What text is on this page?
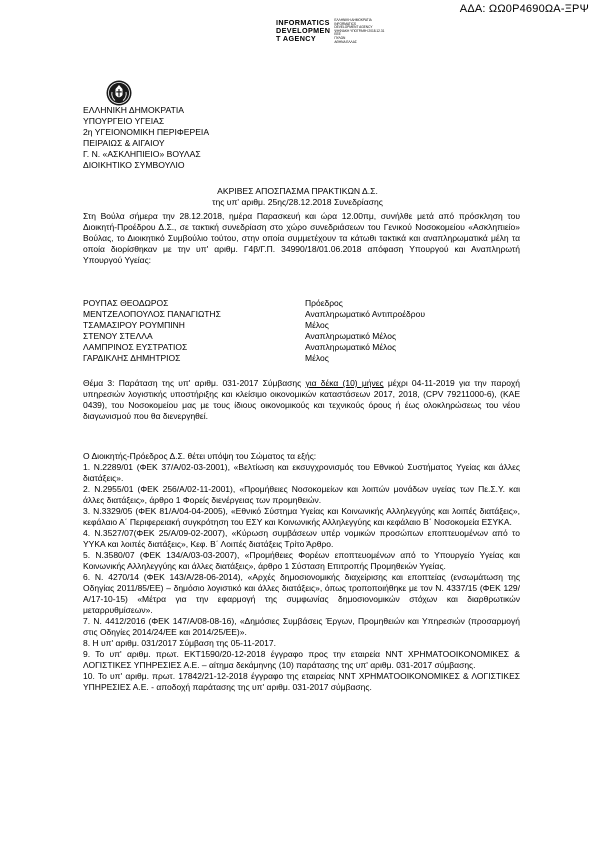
ΑΔΑ: ΩΩ0Ρ4690ΩΑ-ΞΡΨ
INFORMATICS
DEVELOPMEN
T AGENCY
ΕΛΛΗΝΙΚΗ ΔΗΜΟΚΡΑΤΙΑ
INFORMATICS
DEVELOPMENT AGENCY
ΨΗΦΙΑΚΗ ΥΠΟΓΡΑΦΗ 2018.12.31
ΕΕΕ
ΠΥΛΩΝ
ΑΘΗΝΑ ΕΛΛΑΣ
ΕΛΛΗΝΙΚΗ ΔΗΜΟΚΡΑΤΙΑ
ΥΠΟΥΡΓΕΙΟ ΥΓΕΙΑΣ
2η ΥΓΕΙΟΝΟΜΙΚΗ ΠΕΡΙΦΕΡΕΙΑ
ΠΕΙΡΑΙΩΣ & ΑΙΓΑΙΟΥ
Γ. Ν. «ΑΣΚΛΗΠΙΕΙΟ» ΒΟΥΛΑΣ
ΔΙΟΙΚΗΤΙΚΟ ΣΥΜΒΟΥΛΙΟ
ΑΚΡΙΒΕΣ ΑΠΟΣΠΑΣΜΑ ΠΡΑΚΤΙΚΩΝ Δ.Σ.
της υπ' αριθμ. 25ης/28.12.2018 Συνεδρίασης

Στη Βούλα σήμερα την 28.12.2018, ημέρα Παρασκευή και ώρα 12.00πμ, συνήλθε μετά από πρόσκληση του Διοικητή-Προέδρου Δ.Σ., σε τακτική συνεδρίαση στο χώρο συνεδριάσεων του Γενικού Νοσοκομείου «Ασκληπιείο» Βούλας, το Διοικητικό Συμβούλιο τούτου, στην οποία συμμετέχουν τα κάτωθι τακτικά και αναπληρωματικά μέλη τα οποία διορίσθηκαν με την υπ' αριθμ. Γ4β/Γ.Π. 34990/18/01.06.2018 απόφαση Υπουργού και Αναπληρωτή Υπουργού Υγείας:

ΡΟΥΠΑΣ ΘΕΟΔΩΡΟΣ	Πρόεδρος
ΜΕΝΤΖΕΛΟΠΟΥΛΟΣ ΠΑΝΑΓΙΩΤΗΣ	Αναπληρωματικό Αντιπροέδρου
ΤΣΑΜΑΣΙΡΟΥ ΡΟΥΜΠΙΝΗ	Μέλος
ΣΤΕΝΟΥ ΣΤΕΛΛΑ	Αναπληρωματικό Μέλος
ΛΑΜΠΡΙΝΟΣ ΕΥΣΤΡΑΤΙΟΣ	Αναπληρωματικό Μέλος
ΓΑΡΔΙΚΛΗΣ ΔΗΜΗΤΡΙΟΣ	Μέλος

Θέμα 3: Παράταση της υπ' αριθμ. 031-2017 Σύμβασης για δέκα (10) μήνες μέχρι 04-11-2019 για την παροχή υπηρεσιών λογιστικής υποστήριξης και κλείσιμο οικονομικών καταστάσεων 2017, 2018, (CPV 79211000-6), (ΚΑΕ 0439), του Νοσοκομείου μας με τους ίδιους οικονομικούς και τεχνικούς όρους ή έως ολοκληρώσεως του νέου διαγωνισμού που θα διενεργηθεί.

Ο Διοικητής-Πρόεδρος Δ.Σ. θέτει υπόψη του Σώματος τα εξής:

1. Ν.2289/01 (ΦΕΚ 37/Α/02-03-2001), «Βελτίωση και εκσυγχρονισμός του Εθνικού Συστήματος Υγείας και άλλες διατάξεις».

2. Ν.2955/01 (ΦΕΚ 256/Α/02-11-2001), «Προμήθειες Νοσοκομείων και λοιπών μονάδων υγείας των Πε.Σ.Υ. και άλλες διατάξεις», άρθρο 1 Φορείς διενέργειας των προμηθειών.

3. Ν.3329/05 (ΦΕΚ 81/Α/04-04-2005), «Εθνικό Σύστημα Υγείας και Κοινωνικής Αλληλεγγύης και λοιπές διατάξεις», κεφάλαιο Α΄ Περιφερειακή συγκρότηση του ΕΣΥ και Κοινωνικής Αλληλεγγύης και κεφάλαιο Β΄ Νοσοκομεία ΕΣΥΚΑ.

4. Ν.3527/07(ΦΕΚ 25/Α/09-02-2007), «Κύρωση συμβάσεων υπέρ νομικών προσώπων εποπτευομένων από το ΥΥΚΑ και λοιπές διατάξεις», Κεφ. Β΄ Λοιπές διατάξεις Τρίτο Άρθρο.

5. Ν.3580/07 (ΦΕΚ 134/Α/03-03-2007), «Προμήθειες Φορέων εποπτευομένων από το Υπουργείο Υγείας και Κοινωνικής Αλληλεγγύης και άλλες διατάξεις», άρθρο 1 Σύσταση Επιτροπής Προμηθειών Υγείας.

6. Ν. 4270/14 (ΦΕΚ 143/Α/28-06-2014), «Αρχές δημοσιονομικής διαχείρισης και εποπτείας (ενσωμάτωση της Οδηγίας 2011/85/ΕΕ) – δημόσιο λογιστικό και άλλες διατάξεις», όπως τροποποιήθηκε με τον Ν. 4337/15 (ΦΕΚ 129/Α/17-10-15) «Μέτρα για την εφαρμογή της συμφωνίας δημοσιονομικών στόχων και διαρθρωτικών μεταρρυθμίσεων».

7. Ν. 4412/2016 (ΦΕΚ 147/Α/08-08-16), «Δημόσιες Συμβάσεις Έργων, Προμηθειών και Υπηρεσιών (προσαρμογή στις Οδηγίες 2014/24/ΕΕ και 2014/25/ΕΕ)».

8. Η υπ' αριθμ. 031/2017 Σύμβαση της 05-11-2017.

9. Το υπ' αριθμ. πρωτ. ΕΚΤ1590/20-12-2018 έγγραφο προς την εταιρεία ΝΝΤ ΧΡΗΜΑΤΟΟΙΚΟΝΟΜΙΚΕΣ & ΛΟΓΙΣΤΙΚΕΣ ΥΠΗΡΕΣΙΕΣ Α.Ε. – αίτημα δεκάμηνης (10) παράτασης της υπ' αριθμ. 031-2017 σύμβασης.

10. Το υπ' αριθμ. πρωτ. 17842/21-12-2018 έγγραφο της εταιρείας ΝΝΤ ΧΡΗΜΑΤΟΟΙΚΟΝΟΜΙΚΕΣ & ΛΟΓΙΣΤΙΚΕΣ ΥΠΗΡΕΣΙΕΣ Α.Ε. - αποδοχή παράτασης της υπ' αριθμ. 031-2017 σύμβασης.
